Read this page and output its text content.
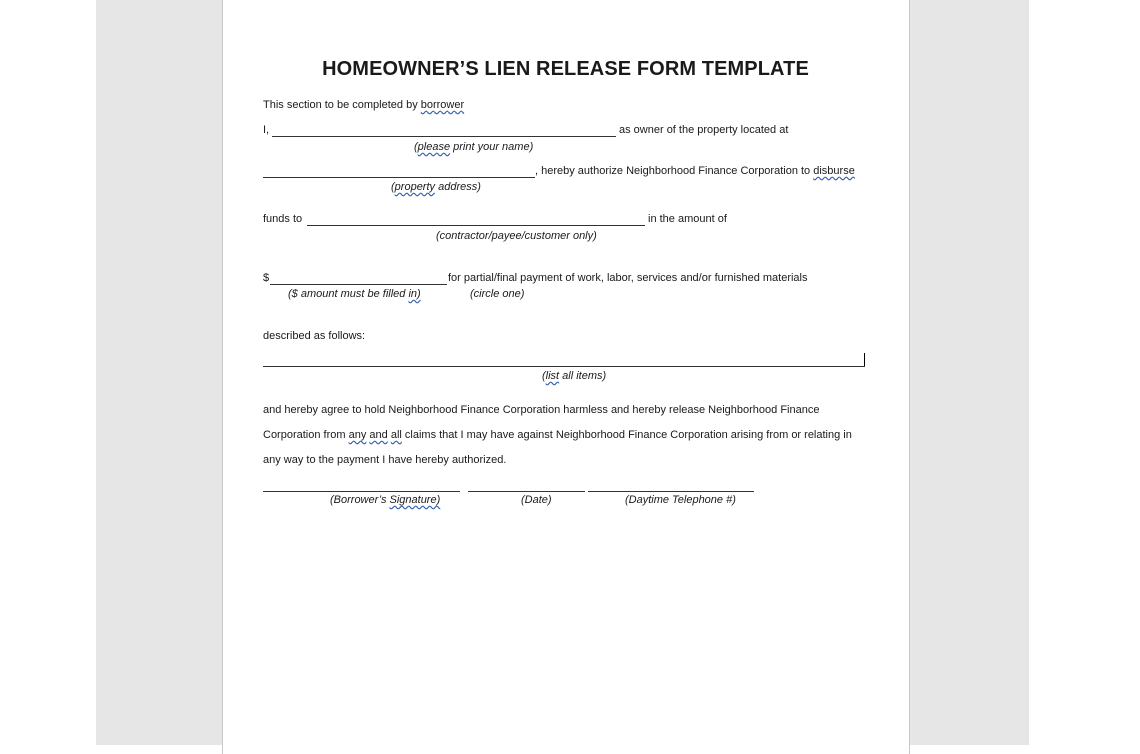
HOMEOWNER’S LIEN RELEASE FORM TEMPLATE
This section to be completed by borrower
I,	as owner of the property located at
(please print your name)
, hereby authorize Neighborhood Finance Corporation to disburse
(property address)
funds to	in the amount of
(contractor/payee/customer only)
$	for partial/final payment of work, labor, services and/or furnished materials
($ amount must be filled in)	(circle one)
described as follows:
(list all items)
and hereby agree to hold Neighborhood Finance Corporation harmless and hereby release Neighborhood Finance
Corporation from any and all claims that I may have against Neighborhood Finance Corporation arising from or relating in
any way to the payment I have hereby authorized.
(Borrower’s Signature)	(Date)	(Daytime Telephone #)
